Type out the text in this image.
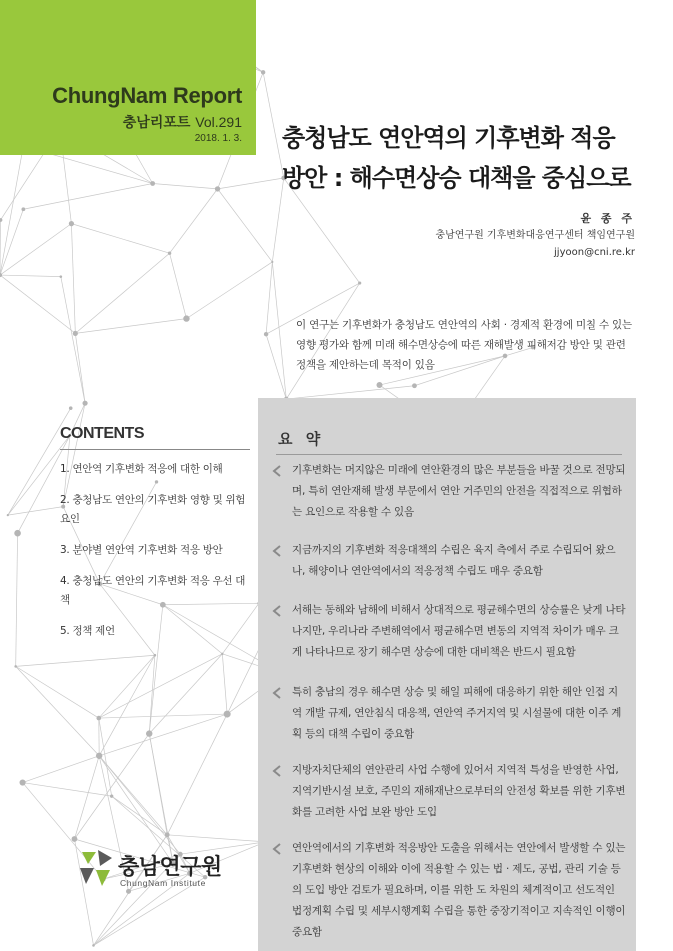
ChungNam Report
충남리포트 Vol.291
2018. 1. 3. 충청남도 연안역의 기후변화 적응
방안 : 해수면상승 대책을 중심으로
윤 종 주
충남연구원 기후변화대응연구센터 책임연구원
jjyoon@cni.re.kr
이 연구는 기후변화가 충청남도 연안역의 사회 · 경제적 환경에 미칠 수 있는 영향 평가와 함께 미래 해수면상승에 따른 재해발생 피해저감 방안 및 관련 정책을 제안하는데 목적이 있음
CONTENTS
1. 연안역 기후변화 적응에 대한 이해
2. 충청남도 연안의 기후변화 영향 및 위험요인
3. 분야별 연안역 기후변화 적응 방안
4. 충청남도 연안의 기후변화 적응 우선 대책
5. 정책 제언
요 약
기후변화는 머지않은 미래에 연안환경의 많은 부분들을 바꿀 것으로 전망되며, 특히 연안재해 발생 부문에서 연안 거주민의 안전을 직접적으로 위협하는 요인으로 작용할 수 있음
지금까지의 기후변화 적응대책의 수립은 육지 측에서 주로 수립되어 왔으나, 해양이나 연안역에서의 적응정책 수립도 매우 중요함
서해는 동해와 남해에 비해서 상대적으로 평균해수면의 상승률은 낮게 나타나지만, 우리나라 주변해역에서 평균해수면 변동의 지역적 차이가 매우 크게 나타나므로 장기 해수면 상승에 대한 대비책은 반드시 필요함
특히 충남의 경우 해수면 상승 및 해일 피해에 대응하기 위한 해안 인접 지역 개발 규제, 연안침식 대응책, 연안역 주거지역 및 시설물에 대한 이주 계획 등의 대책 수립이 중요함
지방자치단체의 연안관리 사업 수행에 있어서 지역적 특성을 반영한 사업, 지역기반시설 보호, 주민의 재해재난으로부터의 안전성 확보를 위한 기후변화를 고려한 사업 보완 방안 도입
연안역에서의 기후변화 적응방안 도출을 위해서는 연안에서 발생할 수 있는 기후변화 현상의 이해와 이에 적용할 수 있는 법 · 제도, 공법, 관리 기술 등의 도입 방안 검토가 필요하며, 이를 위한 도 차원의 체계적이고 선도적인 법정계획 수립 및 세부시행계획 수립을 통한 중장기적이고 지속적인 이행이 중요함
충남연구원
ChungNam Institute
